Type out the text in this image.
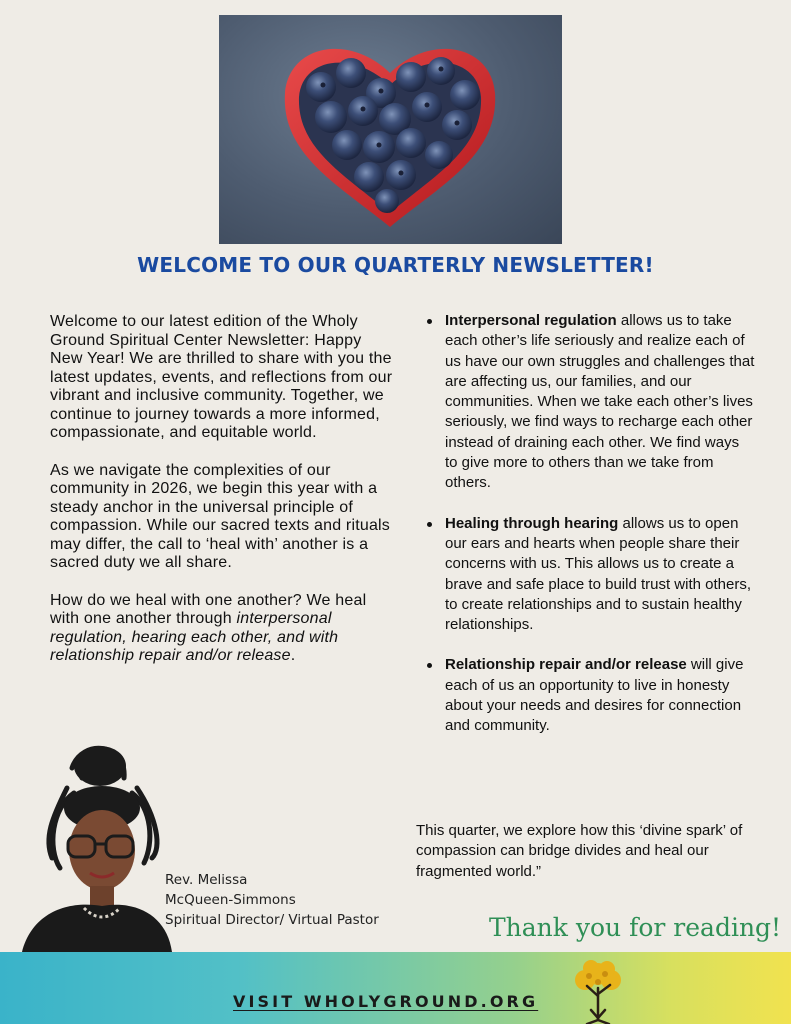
WELCOME TO OUR QUARTERLY NEWSLETTER!

Welcome to our latest edition of the Wholy Ground Spiritual Center Newsletter: Happy New Year! We are thrilled to share with you the latest updates, events, and reflections from our vibrant and inclusive community. Together, we continue to journey towards a more informed, compassionate, and equitable world.

As we navigate the complexities of our community in 2026, we begin this year with a steady anchor in the universal principle of compassion. While our sacred texts and rituals may differ, the call to ‘heal with’ another is a sacred duty we all share.

How do we heal with one another? We heal with one another through interpersonal regulation, hearing each other, and with relationship repair and/or release.

Interpersonal regulation allows us to take each other’s life seriously and realize each of us have our own struggles and challenges that are affecting us, our families, and our communities. When we take each other’s lives seriously, we find ways to recharge each other instead of draining each other. We find ways to give more to others than we take from others.
Healing through hearing allows us to open our ears and hearts when people share their concerns with us. This allows us to create a brave and safe place to build trust with others, to create relationships and to sustain healthy relationships.
Relationship repair and/or release will give each of us an opportunity to live in honesty about your needs and desires for connection and community.
This quarter, we explore how this ‘divine spark’ of compassion can bridge divides and heal our fragmented world.”
Rev. Melissa
McQueen-Simmons
Spiritual Director/ Virtual Pastor	Thank you for reading!
VISIT WHOLYGROUND.ORG
